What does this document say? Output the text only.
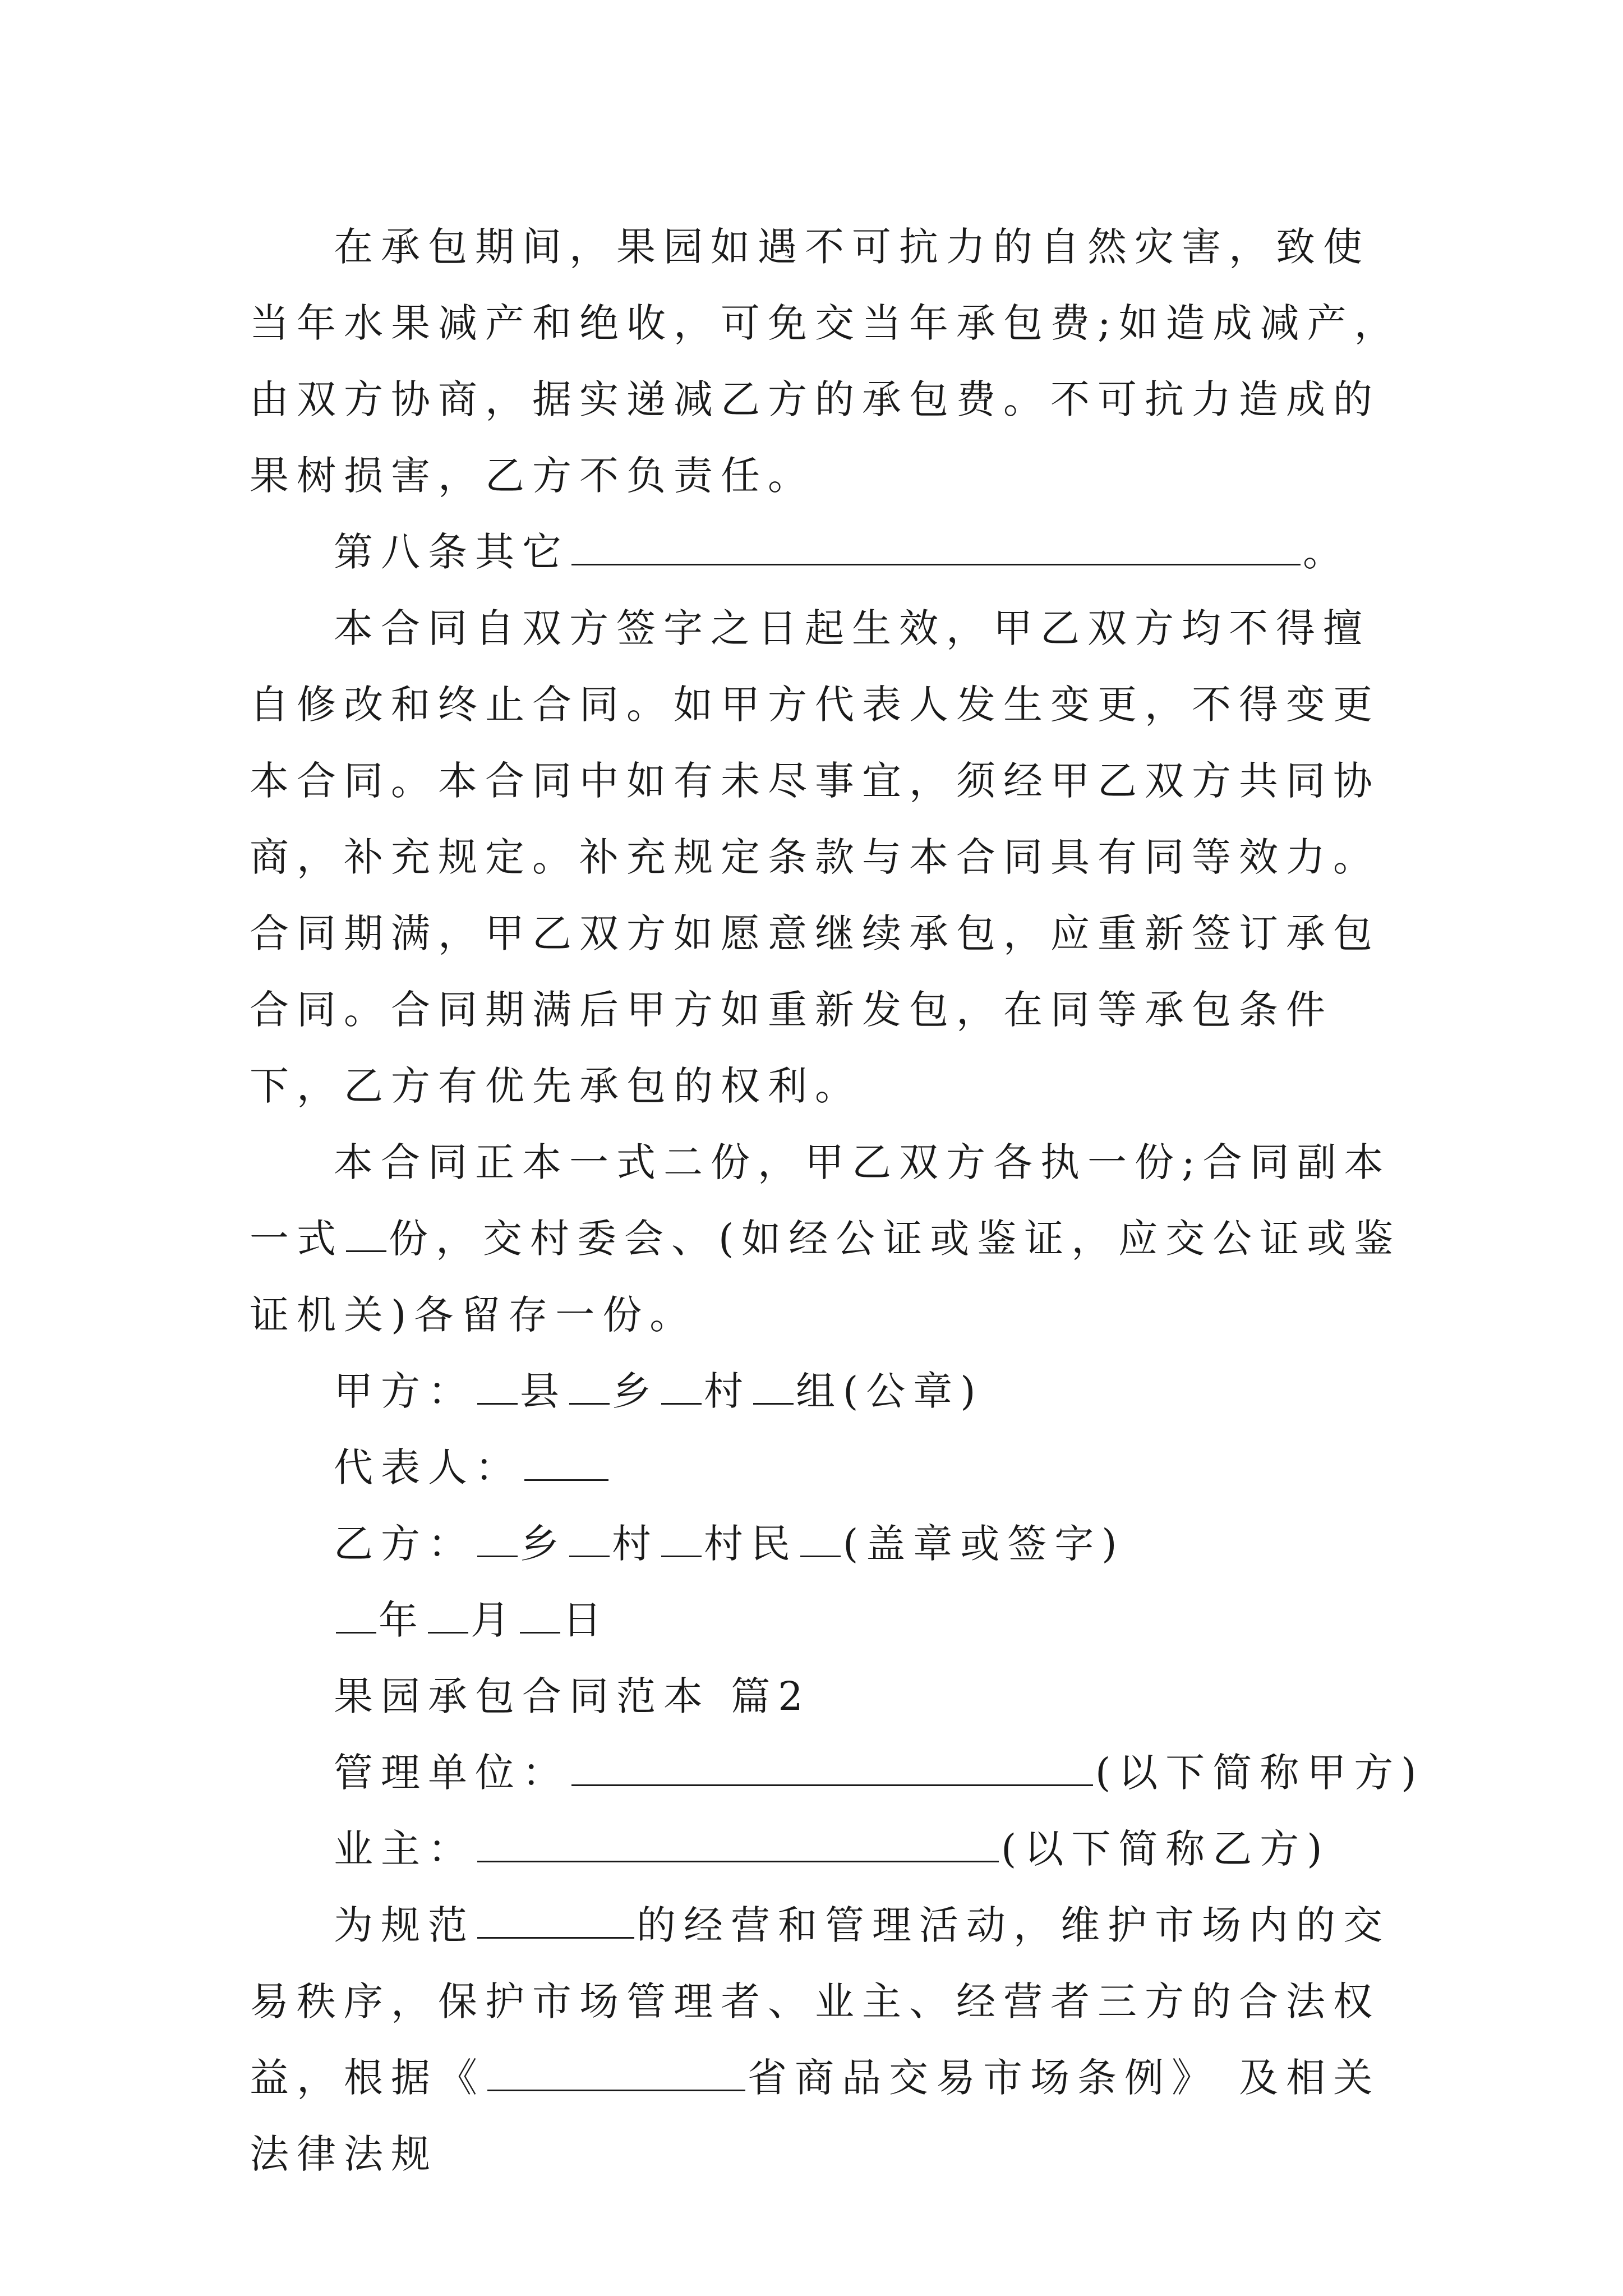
在承包期间，果园如遇不可抗力的自然灾害，致使当年水果减产和绝收，可免交当年承包费;如造成减产，由双方协商，据实递减乙方的承包费。不可抗力造成的果树损害，乙方不负责任。

第八条其它	。

本合同自双方签字之日起生效，甲乙双方均不得擅自修改和终止合同。如甲方代表人发生变更，不得变更本合同。本合同中如有未尽事宜，须经甲乙双方共同协商，补充规定。补充规定条款与本合同具有同等效力。合同期满，甲乙双方如愿意继续承包，应重新签订承包合同。合同期满后甲方如重新发包，在同等承包条件下，乙方有优先承包的权利。

本合同正本一式二份，甲乙双方各执一份;合同副本一式 份，交村委会、(如经公证或鉴证，应交公证或鉴证机关)各留存一份。

甲方： 县 乡 村 组(公章)

代表人：

乙方： 乡 村 村民 (盖章或签字)

年 月 日

果园承包合同范本 篇2

管理单位：	(以下简称甲方)

业主：	(以下简称乙方)

为规范	的经营和管理活动，维护市场内的交易秩序，保护市场管理者、业主、经营者三方的合法权益，根据《	省商品交易市场条例》 及相关法律法规
